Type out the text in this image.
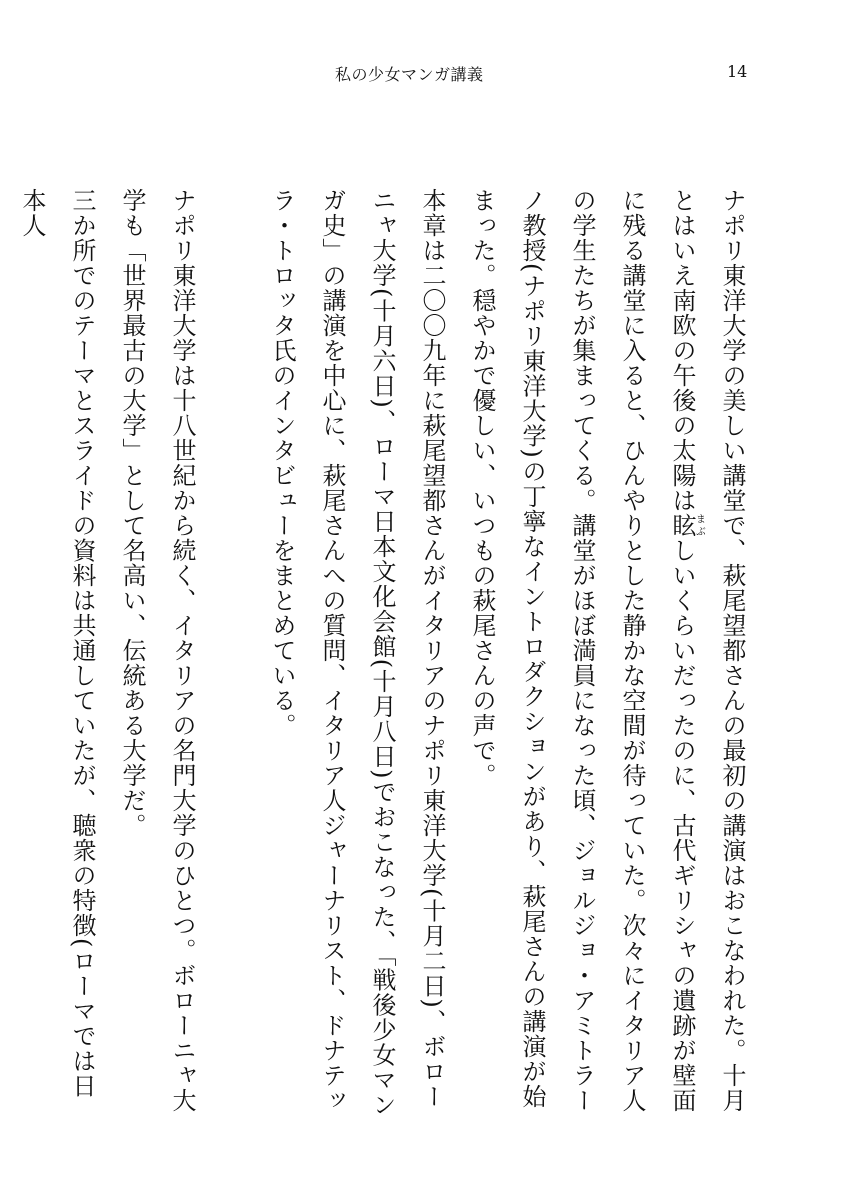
私の少女マンガ講義	14

ナポリ東洋大学の美しい講堂で、萩尾望都さんの最初の講演はおこなわれた。十月とはいえ南欧の午後の太陽は眩まぶしいくらいだったのに、古代ギリシャの遺跡が壁面に残る講堂に入ると、ひんやりとした静かな空間が待っていた。次々にイタリア人の学生たちが集まってくる。講堂がほぼ満員になった頃、ジョルジョ・アミトラーノ教授(ナポリ東洋大学)の丁寧なイントロダクションがあり、萩尾さんの講演が始まった。穏やかで優しい、いつもの萩尾さんの声で。

本章は二〇〇九年に萩尾望都さんがイタリアのナポリ東洋大学(十月二日)、ボローニャ大学(十月六日)、ローマ日本文化会館(十月八日)でおこなった、「戦後少女マンガ史」の講演を中心に、萩尾さんへの質問、イタリア人ジャーナリスト、ドナテッラ・トロッタ氏のインタビューをまとめている。

ナポリ東洋大学は十八世紀から続く、イタリアの名門大学のひとつ。ボローニャ大学も「世界最古の大学」として名高い、伝統ある大学だ。

三か所でのテーマとスライドの資料は共通していたが、聴衆の特徴(ローマでは日本人
